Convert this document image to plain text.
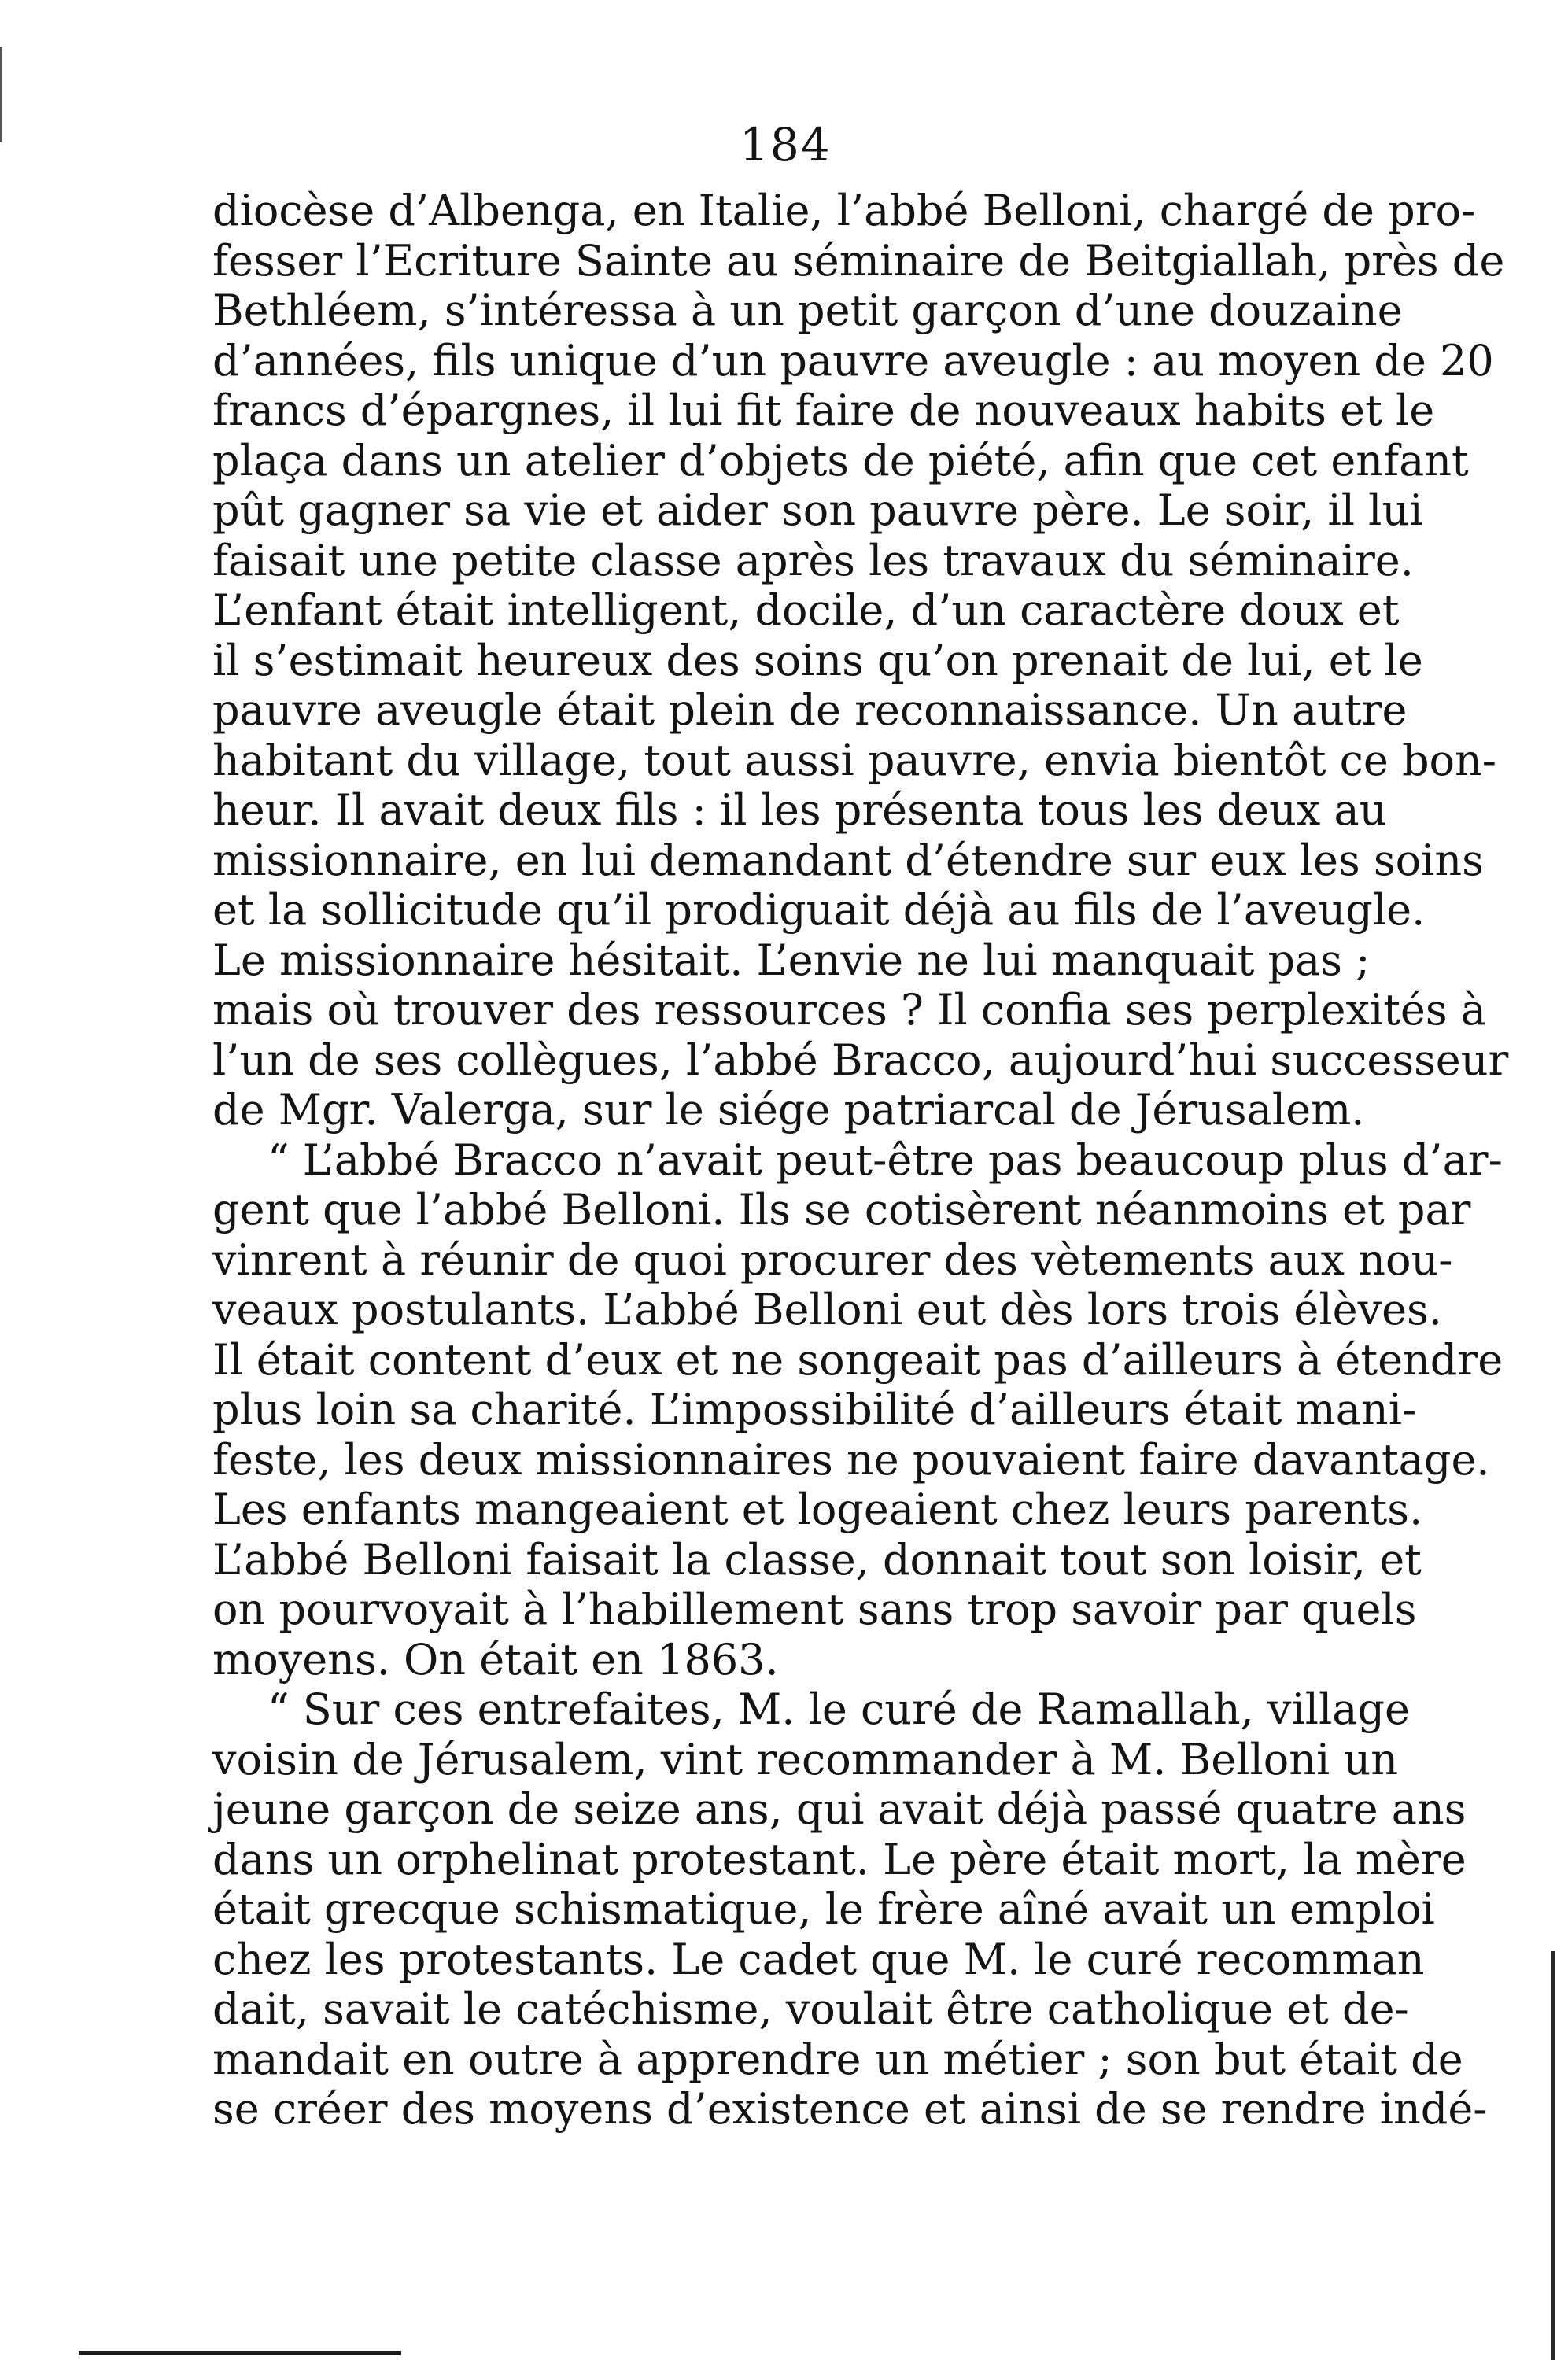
184
diocèse d’Albenga, en Italie, l’abbé Belloni, chargé de pro-
fesser l’Ecriture Sainte au séminaire de Beitgiallah, près de
Bethléem, s’intéressa à un petit garçon d’une douzaine
d’années, fils unique d’un pauvre aveugle : au moyen de 20
francs d’épargnes, il lui fit faire de nouveaux habits et le
plaça dans un atelier d’objets de piété, afin que cet enfant
pût gagner sa vie et aider son pauvre père. Le soir, il lui
faisait une petite classe après les travaux du séminaire.
L’enfant était intelligent, docile, d’un caractère doux et
il s’estimait heureux des soins qu’on prenait de lui, et le
pauvre aveugle était plein de reconnaissance. Un autre
habitant du village, tout aussi pauvre, envia bientôt ce bon-
heur. Il avait deux fils : il les présenta tous les deux au
missionnaire, en lui demandant d’étendre sur eux les soins
et la sollicitude qu’il prodiguait déjà au fils de l’aveugle.
Le missionnaire hésitait. L’envie ne lui manquait pas ;
mais où trouver des ressources ? Il confia ses perplexités à
l’un de ses collègues, l’abbé Bracco, aujourd’hui successeur
de Mgr. Valerga, sur le siége patriarcal de Jérusalem.
“ L’abbé Bracco n’avait peut-être pas beaucoup plus d’ar-
gent que l’abbé Belloni. Ils se cotisèrent néanmoins et par
vinrent à réunir de quoi procurer des vètements aux nou-
veaux postulants. L’abbé Belloni eut dès lors trois élèves.
Il était content d’eux et ne songeait pas d’ailleurs à étendre
plus loin sa charité. L’impossibilité d’ailleurs était mani-
feste, les deux missionnaires ne pouvaient faire davantage.
Les enfants mangeaient et logeaient chez leurs parents.
L’abbé Belloni faisait la classe, donnait tout son loisir, et
on pourvoyait à l’habillement sans trop savoir par quels
moyens. On était en 1863.
“ Sur ces entrefaites, M. le curé de Ramallah, village
voisin de Jérusalem, vint recommander à M. Belloni un
jeune garçon de seize ans, qui avait déjà passé quatre ans
dans un orphelinat protestant. Le père était mort, la mère
était grecque schismatique, le frère aîné avait un emploi
chez les protestants. Le cadet que M. le curé recomman
dait, savait le catéchisme, voulait être catholique et de-
mandait en outre à apprendre un métier ; son but était de
se créer des moyens d’existence et ainsi de se rendre indé-
